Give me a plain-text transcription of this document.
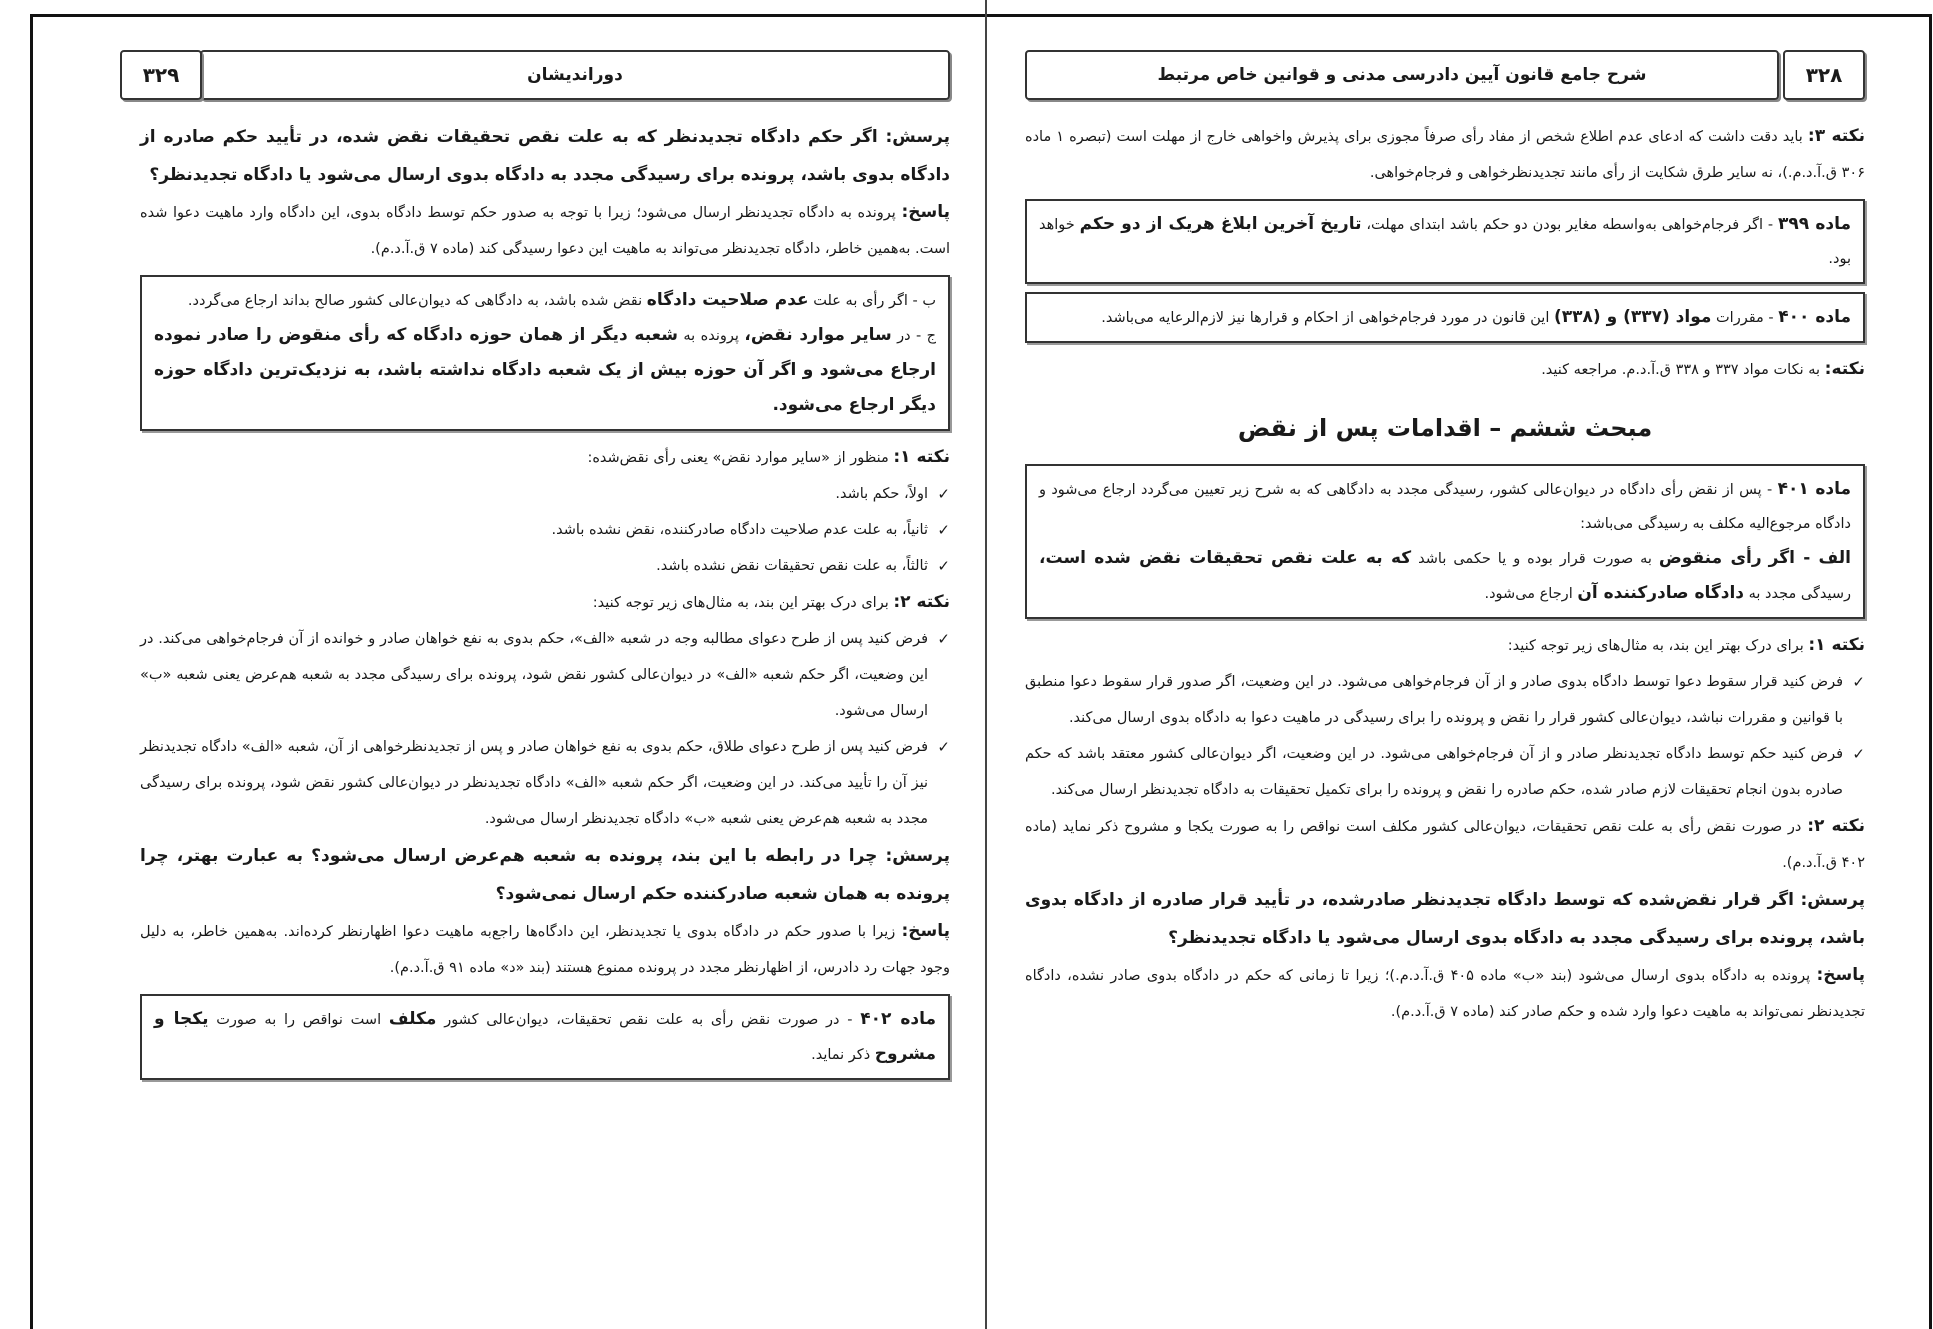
دوراندیشان
۳۲۹

پرسش: اگر حکم دادگاه تجدیدنظر که به علت نقص تحقیقات نقض شده، در تأیید حکم صادره از دادگاه بدوی باشد، پرونده برای رسیدگی مجدد به دادگاه بدوی ارسال می‌شود یا دادگاه تجدیدنظر؟

پاسخ: پرونده به دادگاه تجدیدنظر ارسال می‌شود؛ زیرا با توجه به صدور حکم توسط دادگاه بدوی، این دادگاه وارد ماهیت دعوا شده است. به‌همین خاطر، دادگاه تجدیدنظر می‌تواند به ماهیت این دعوا رسیدگی کند (ماده ۷ ق.آ.د.م).

ب - اگر رأی به علت عدم صلاحیت دادگاه نقض شده باشد، به دادگاهی که دیوان‌عالی کشور صالح بداند ارجاع می‌گردد.

ج - در سایر موارد نقض، پرونده به شعبه دیگر از همان حوزه دادگاه که رأی منقوض را صادر نموده ارجاع می‌شود و اگر آن حوزه بیش از یک شعبه دادگاه نداشته باشد، به نزدیک‌ترین دادگاه حوزه دیگر ارجاع می‌شود.

نکته ۱: منظور از «سایر موارد نقض» یعنی رأی نقض‌شده:

✓
اولاً، حکم باشد.
✓
ثانیاً، به علت عدم صلاحیت دادگاه صادرکننده، نقض نشده باشد.
✓
ثالثاً، به علت نقص تحقیقات نقض نشده باشد.

نکته ۲: برای درک بهتر این بند، به مثال‌های زیر توجه کنید:

✓
فرض کنید پس از طرح دعوای مطالبه وجه در شعبه «الف»، حکم بدوی به نفع خواهان صادر و خوانده از آن فرجام‌خواهی می‌کند. در این وضعیت، اگر حکم شعبه «الف» در دیوان‌عالی کشور نقض شود، پرونده برای رسیدگی مجدد به شعبه هم‌عرض یعنی شعبه «ب» ارسال می‌شود.
✓
فرض کنید پس از طرح دعوای طلاق، حکم بدوی به نفع خواهان صادر و پس از تجدیدنظرخواهی از آن، شعبه «الف» دادگاه تجدیدنظر نیز آن را تأیید می‌کند. در این وضعیت، اگر حکم شعبه «الف» دادگاه تجدیدنظر در دیوان‌عالی کشور نقض شود، پرونده برای رسیدگی مجدد به شعبه هم‌عرض یعنی شعبه «ب» دادگاه تجدیدنظر ارسال می‌شود.

پرسش: چرا در رابطه با این بند، پرونده به شعبه هم‌عرض ارسال می‌شود؟ به عبارت بهتر، چرا پرونده به همان شعبه صادرکننده حکم ارسال نمی‌شود؟

پاسخ: زیرا با صدور حکم در دادگاه بدوی یا تجدیدنظر، این دادگاه‌ها راجع‌به ماهیت دعوا اظهارنظر کرده‌اند. به‌همین خاطر، به دلیل وجود جهات رد دادرس، از اظهارنظر مجدد در پرونده ممنوع هستند (بند «د» ماده ۹۱ ق.آ.د.م).

ماده ۴۰۲ - در صورت نقض رأی به علت نقص تحقیقات، دیوان‌عالی کشور مکلف است نواقص را به صورت یکجا و مشروح ذکر نماید.

شرح جامع قانون آیین دادرسی مدنی و قوانین خاص مرتبط	۳۲۸

نکته ۳: باید دقت داشت که ادعای عدم اطلاع شخص از مفاد رأی صرفاً مجوزی برای پذیرش واخواهی خارج از مهلت است (تبصره ۱ ماده ۳۰۶ ق.آ.د.م.)، نه سایر طرق شکایت از رأی مانند تجدیدنظرخواهی و فرجام‌خواهی.

ماده ۳۹۹ - اگر فرجام‌خواهی به‌واسطه مغایر بودن دو حکم باشد ابتدای مهلت، تاریخ آخرین ابلاغ هریک از دو حکم خواهد بود.

ماده ۴۰۰ - مقررات مواد (۳۳۷) و (۳۳۸) این قانون در مورد فرجام‌خواهی از احکام و قرارها نیز لازم‌الرعایه می‌باشد.

نکته: به نکات مواد ۳۳۷ و ۳۳۸ ق.آ.د.م. مراجعه کنید.

مبحث ششم – اقدامات پس از نقض

ماده ۴۰۱ - پس از نقض رأی دادگاه در دیوان‌عالی کشور، رسیدگی مجدد به دادگاهی که به شرح زیر تعیین می‌گردد ارجاع می‌شود و دادگاه مرجوع‌الیه مکلف به رسیدگی می‌باشد:

الف - اگر رأی منقوض به صورت قرار بوده و یا حکمی باشد که به علت نقص تحقیقات نقض شده است، رسیدگی مجدد به دادگاه صادرکننده آن ارجاع می‌شود.

نکته ۱: برای درک بهتر این بند، به مثال‌های زیر توجه کنید:

✓
فرض کنید قرار سقوط دعوا توسط دادگاه بدوی صادر و از آن فرجام‌خواهی می‌شود. در این وضعیت، اگر صدور قرار سقوط دعوا منطبق با قوانین و مقررات نباشد، دیوان‌عالی کشور قرار را نقض و پرونده را برای رسیدگی در ماهیت دعوا به دادگاه بدوی ارسال می‌کند.
✓
فرض کنید حکم توسط دادگاه تجدیدنظر صادر و از آن فرجام‌خواهی می‌شود. در این وضعیت، اگر دیوان‌عالی کشور معتقد باشد که حکم صادره بدون انجام تحقیقات لازم صادر شده، حکم صادره را نقض و پرونده را برای تکمیل تحقیقات به دادگاه تجدیدنظر ارسال می‌کند.

نکته ۲: در صورت نقض رأی به علت نقص تحقیقات، دیوان‌عالی کشور مکلف است نواقص را به صورت یکجا و مشروح ذکر نماید (ماده ۴۰۲ ق.آ.د.م).

پرسش: اگر قرار نقض‌شده که توسط دادگاه تجدیدنظر صادرشده، در تأیید قرار صادره از دادگاه بدوی باشد، پرونده برای رسیدگی مجدد به دادگاه بدوی ارسال می‌شود یا دادگاه تجدیدنظر؟

پاسخ: پرونده به دادگاه بدوی ارسال می‌شود (بند «ب» ماده ۴۰۵ ق.آ.د.م.)؛ زیرا تا زمانی که حکم در دادگاه بدوی صادر نشده، دادگاه تجدیدنظر نمی‌تواند به ماهیت دعوا وارد شده و حکم صادر کند (ماده ۷ ق.آ.د.م).
